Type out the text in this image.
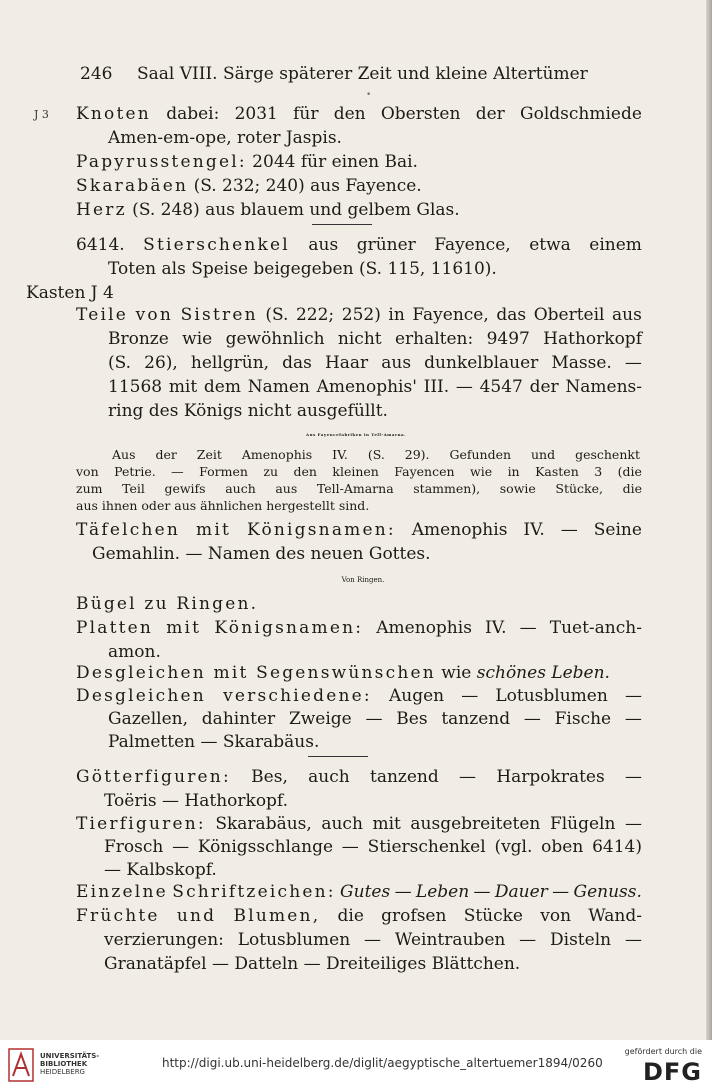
246 Saal VIII. Särge späterer Zeit und kleine Altertümer
•
J 3 Knoten dabei: 2031 für den Obersten der Goldschmiede
Amen-em-ope, roter Jaspis.
Papyrusstengel: 2044 für einen Bai.
Skarabäen (S. 232; 240) aus Fayence.
Herz (S. 248) aus blauem und gelbem Glas.
6414. Stierschenkel aus grüner Fayence, etwa einem
Toten als Speise beigegeben (S. 115, 11610).
Kasten J 4
Teile von Sistren (S. 222; 252) in Fayence, das Oberteil aus
Bronze wie gewöhnlich nicht erhalten: 9497 Hathorkopf
(S. 26), hellgrün, das Haar aus dunkelblauer Masse. —
11568 mit dem Namen Amenophis' III. — 4547 der Namens-
ring des Königs nicht ausgefüllt.
Aus Fayencefabriken in Tell-Amarna.
Aus der Zeit Amenophis IV. (S. 29). Gefunden und geschenkt
von Petrie. — Formen zu den kleinen Fayencen wie in Kasten 3 (die
zum Teil gewifs auch aus Tell-Amarna stammen), sowie Stücke, die
aus ihnen oder aus ähnlichen hergestellt sind.
Täfelchen mit Königsnamen: Amenophis IV. — Seine
Gemahlin. — Namen des neuen Gottes.
Von Ringen.
Bügel zu Ringen.
Platten mit Königsnamen: Amenophis IV. — Tuet-anch-
amon.
Desgleichen mit Segenswünschen wie schönes Leben.
Desgleichen verschiedene: Augen — Lotusblumen —
Gazellen, dahinter Zweige — Bes tanzend — Fische —
Palmetten — Skarabäus.
Götterfiguren: Bes, auch tanzend — Harpokrates —
Toëris — Hathorkopf.
Tierfiguren: Skarabäus, auch mit ausgebreiteten Flügeln —
Frosch — Königsschlange — Stierschenkel (vgl. oben 6414)
— Kalbskopf.
Einzelne Schriftzeichen: Gutes — Leben — Dauer — Genuss.
Früchte und Blumen, die grofsen Stücke von Wand-
verzierungen: Lotusblumen — Weintrauben — Disteln —
Granatäpfel — Datteln — Dreiteiliges Blättchen.
UNIVERSITÄTS-
BIBLIOTHEK
HEIDELBERG
http://digi.ub.uni-heidelberg.de/diglit/aegyptische_altertuemer1894/0260
gefördert durch die
DFG
